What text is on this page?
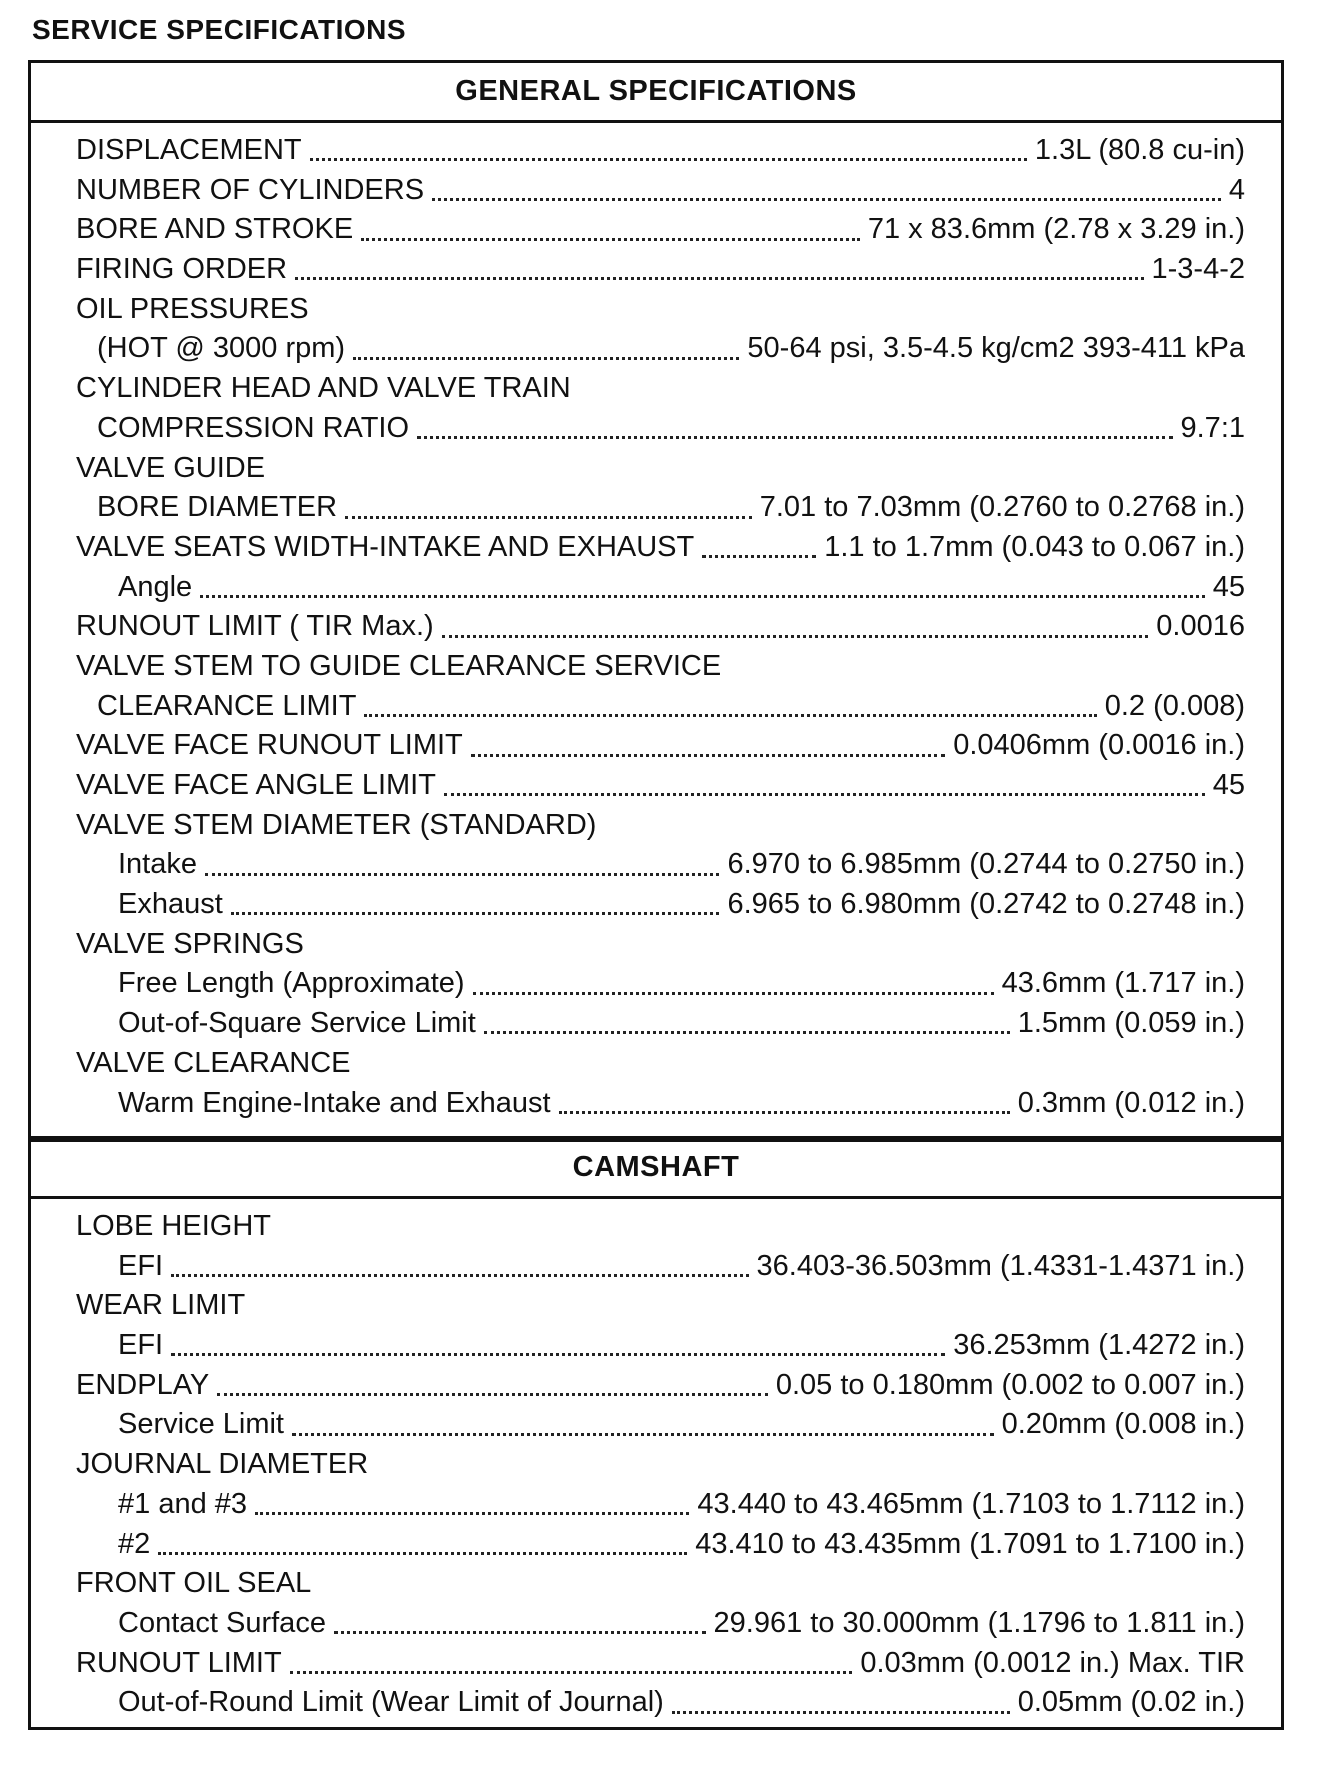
SERVICE SPECIFICATIONS
GENERAL SPECIFICATIONS
DISPLACEMENT	1.3L (80.8 cu-in)
NUMBER OF CYLINDERS	4
BORE AND STROKE	71 x 83.6mm (2.78 x 3.29 in.)
FIRING ORDER	1-3-4-2
OIL PRESSURES
(HOT @ 3000 rpm)	50-64 psi, 3.5-4.5 kg/cm2 393-411 kPa
CYLINDER HEAD AND VALVE TRAIN
COMPRESSION RATIO	9.7:1
VALVE GUIDE
BORE DIAMETER	7.01 to 7.03mm (0.2760 to 0.2768 in.)
VALVE SEATS WIDTH-INTAKE AND EXHAUST	1.1 to 1.7mm (0.043 to 0.067 in.)
Angle	45
RUNOUT LIMIT ( TIR Max.)	0.0016
VALVE STEM TO GUIDE CLEARANCE SERVICE
CLEARANCE LIMIT	0.2 (0.008)
VALVE FACE RUNOUT LIMIT	0.0406mm (0.0016 in.)
VALVE FACE ANGLE LIMIT	45
VALVE STEM DIAMETER (STANDARD)
Intake	6.970 to 6.985mm (0.2744 to 0.2750 in.)
Exhaust	6.965 to 6.980mm (0.2742 to 0.2748 in.)
VALVE SPRINGS
Free Length (Approximate)	43.6mm (1.717 in.)
Out-of-Square Service Limit	1.5mm (0.059 in.)
VALVE CLEARANCE
Warm Engine-Intake and Exhaust	0.3mm (0.012 in.)
CAMSHAFT
LOBE HEIGHT
EFI	36.403-36.503mm (1.4331-1.4371 in.)
WEAR LIMIT
EFI	36.253mm (1.4272 in.)
ENDPLAY	0.05 to 0.180mm (0.002 to 0.007 in.)
Service Limit	0.20mm (0.008 in.)
JOURNAL DIAMETER
#1 and #3	43.440 to 43.465mm (1.7103 to 1.7112 in.)
#2	43.410 to 43.435mm (1.7091 to 1.7100 in.)
FRONT OIL SEAL
Contact Surface	29.961 to 30.000mm (1.1796 to 1.811 in.)
RUNOUT LIMIT	0.03mm (0.0012 in.) Max. TIR
Out-of-Round Limit (Wear Limit of Journal)	0.05mm (0.02 in.)
